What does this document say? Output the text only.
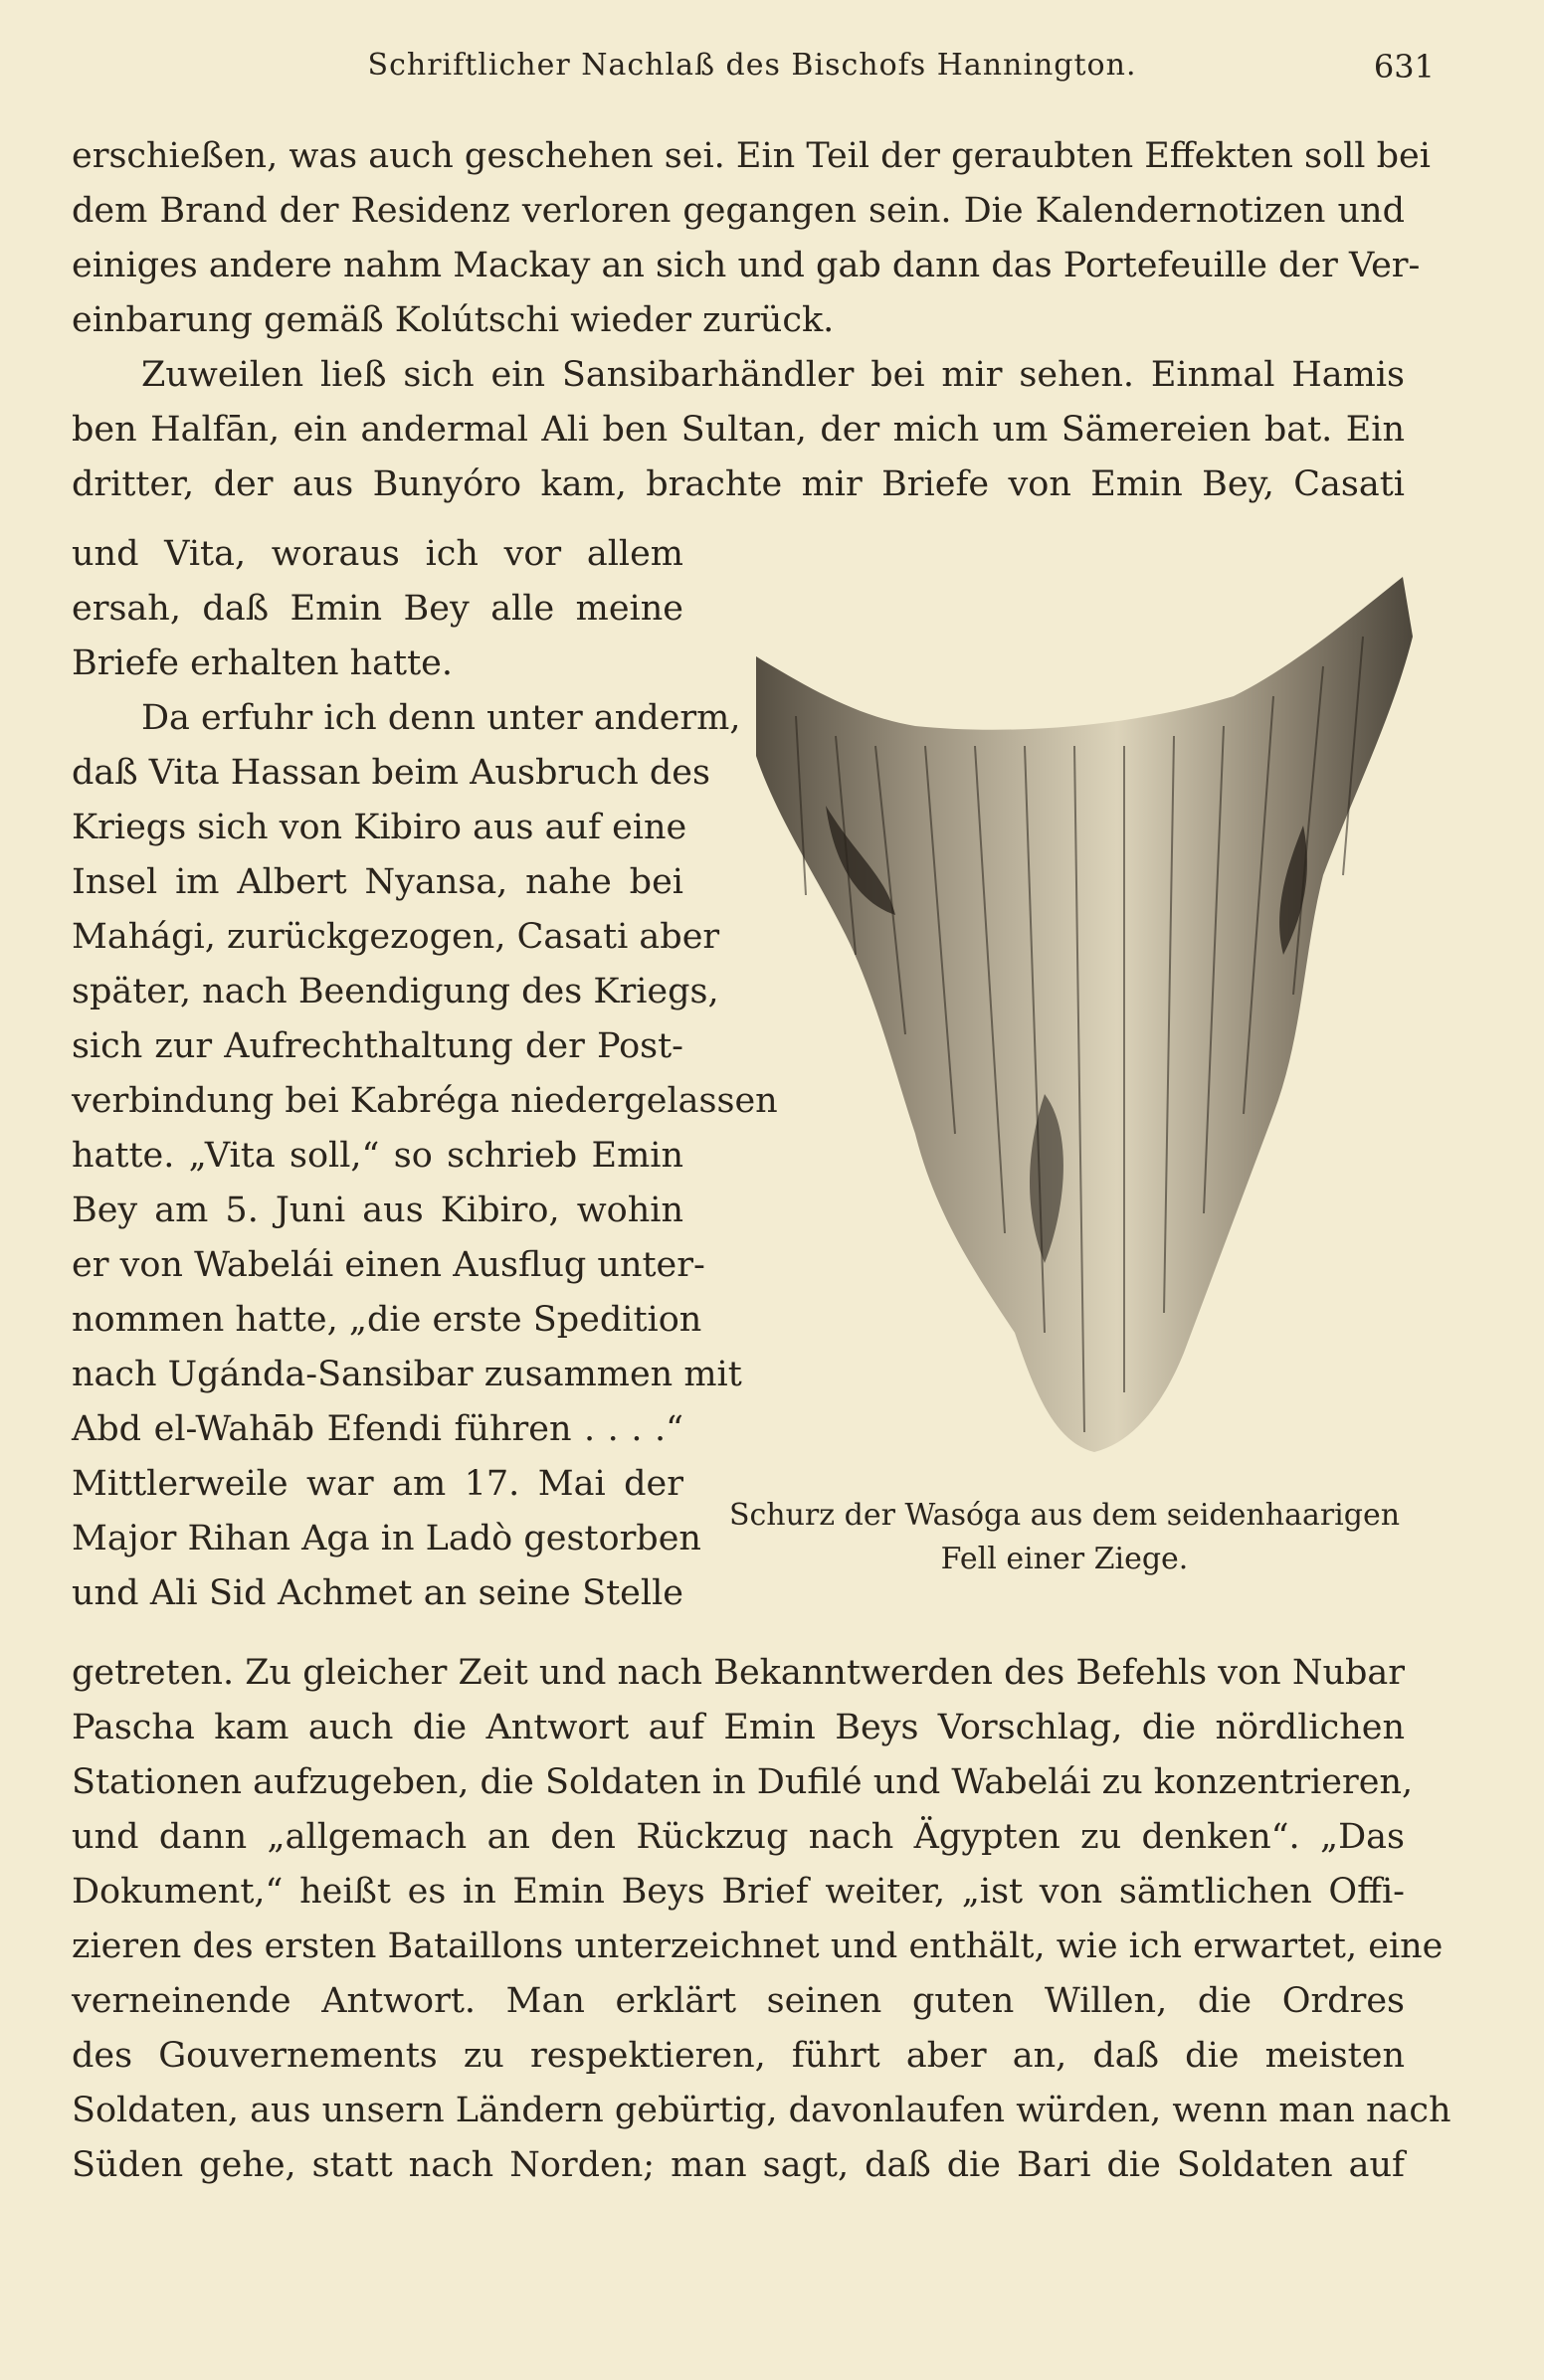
Schriftlicher Nachlaß des Bischofs Hannington.	631
erschießen, was auch geschehen sei. Ein Teil der geraubten Effekten soll bei
dem Brand der Residenz verloren gegangen sein. Die Kalendernotizen und
einiges andere nahm Mackay an sich und gab dann das Portefeuille der Ver-
einbarung gemäß Kolútschi wieder zurück.
Zuweilen ließ sich ein Sansibarhändler bei mir sehen. Einmal Hamis
ben Halfān, ein andermal Ali ben Sultan, der mich um Sämereien bat. Ein
dritter, der aus Bunyóro kam, brachte mir Briefe von Emin Bey, Casati
und Vita, woraus ich vor allem
ersah, daß Emin Bey alle meine
Briefe erhalten hatte.
Da erfuhr ich denn unter anderm,
daß Vita Hassan beim Ausbruch des
Kriegs sich von Kibiro aus auf eine
Insel im Albert Nyansa, nahe bei
Mahági, zurückgezogen, Casati aber
später, nach Beendigung des Kriegs,
sich zur Aufrechthaltung der Post-
verbindung bei Kabréga niedergelassen
hatte. „Vita soll,“ so schrieb Emin
Bey am 5. Juni aus Kibiro, wohin
er von Wabelái einen Ausflug unter-
nommen hatte, „die erste Spedition
nach Ugánda-Sansibar zusammen mit
Abd el-Wahāb Efendi führen . . . .“
Mittlerweile war am 17. Mai der
Major Rihan Aga in Ladò gestorben
und Ali Sid Achmet an seine Stelle
Schurz der Wasóga aus dem seidenhaarigen
Fell einer Ziege.
getreten. Zu gleicher Zeit und nach Bekanntwerden des Befehls von Nubar
Pascha kam auch die Antwort auf Emin Beys Vorschlag, die nördlichen
Stationen aufzugeben, die Soldaten in Dufilé und Wabelái zu konzentrieren,
und dann „allgemach an den Rückzug nach Ägypten zu denken“. „Das
Dokument,“ heißt es in Emin Beys Brief weiter, „ist von sämtlichen Offi-
zieren des ersten Bataillons unterzeichnet und enthält, wie ich erwartet, eine
verneinende Antwort. Man erklärt seinen guten Willen, die Ordres
des Gouvernements zu respektieren, führt aber an, daß die meisten
Soldaten, aus unsern Ländern gebürtig, davonlaufen würden, wenn man nach
Süden gehe, statt nach Norden; man sagt, daß die Bari die Soldaten auf
